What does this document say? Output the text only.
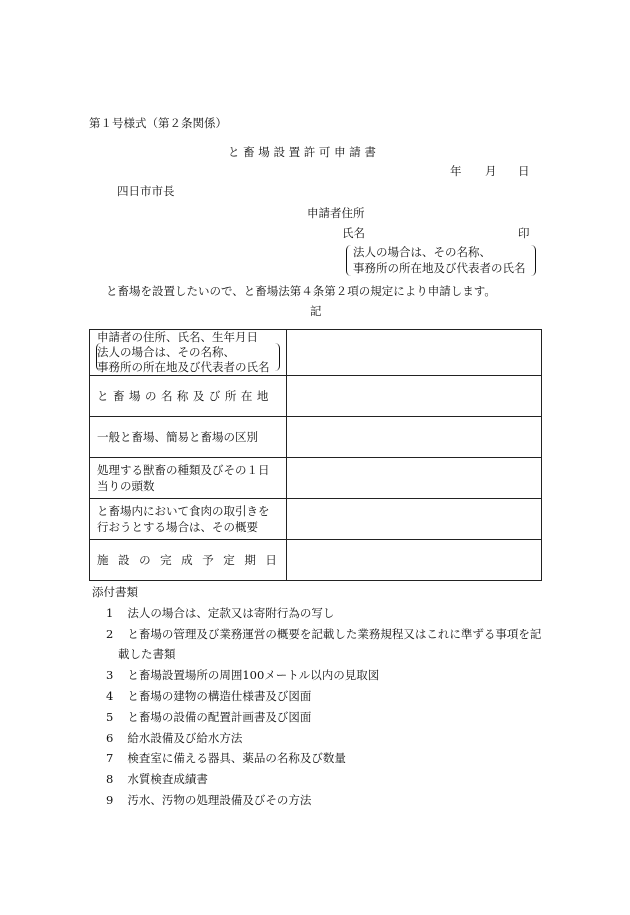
第１号様式（第２条関係）
と 畜 場 設 置 許 可 申 請 書
年 月 日
四日市市長
申請者住所
氏名	印
法人の場合は、その名称、
事務所の所在地及び代表者の氏名
と畜場を設置したいので、と畜場法第４条第２項の規定により申請します。
記
申請者の住所、氏名、生年月日
法人の場合は、その名称、
事務所の所在地及び代表者の氏名	

と畜場の名称及び所在地	

一般と畜場、簡易と畜場の区別	

処理する獣畜の種類及びその１日
当りの頭数	

と畜場内において食肉の取引きを
行おうとする場合は、その概要	

施設の完成予定期日	

添付書類
1 法人の場合は、定款又は寄附行為の写し
2 と畜場の管理及び業務運営の概要を記載した業務規程又はこれに準ずる事項を記
載した書類
3 と畜場設置場所の周囲100メートル以内の見取図
4 と畜場の建物の構造仕様書及び図面
5 と畜場の設備の配置計画書及び図面
6 給水設備及び給水方法
7 検査室に備える器具、薬品の名称及び数量
8 水質検査成績書
9 汚水、汚物の処理設備及びその方法
